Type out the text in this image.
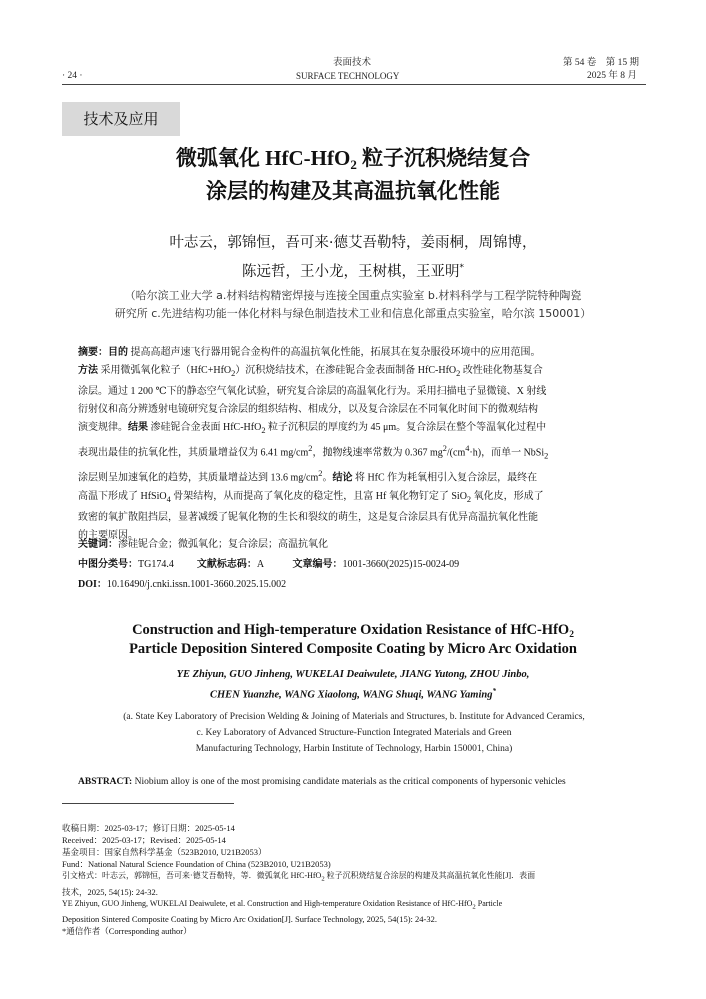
表面技术
· 24 ·	SURFACE TECHNOLOGY
第 54 卷　第 15 期
2025 年 8 月
技术及应用
微弧氧化 HfC-HfO$_2$ 粒子沉积烧结复合
涂层的构建及其高温抗氧化性能
叶志云，郭锦恒，吾可来·德艾吾勒特，姜雨桐，周锦博，
陈远哲，王小龙，王树棋，王亚明*
（哈尔滨工业大学 a.材料结构精密焊接与连接全国重点实验室 b.材料科学与工程学院特种陶瓷
研究所 c.先进结构功能一体化材料与绿色制造技术工业和信息化部重点实验室，哈尔滨 150001）
摘要：目的 提高高超声速飞行器用铌合金构件的高温抗氧化性能，拓展其在复杂服役环境中的应用范围。
方法 采用微弧氧化粒子（HfC+HfO$_2$）沉积烧结技术，在渗硅铌合金表面制备 HfC-HfO$_2$ 改性硅化物基复合
涂层。通过 1 200 ℃下的静态空气氧化试验，研究复合涂层的高温氧化行为。采用扫描电子显微镜、X 射线
衍射仪和高分辨透射电镜研究复合涂层的组织结构、相成分，以及复合涂层在不同氧化时间下的微观结构
演变规律。结果 渗硅铌合金表面 HfC-HfO$_2$ 粒子沉积层的厚度约为 45 μm。复合涂层在整个等温氧化过程中
表现出最佳的抗氧化性，其质量增益仅为 6.41 $mg/cm^2$，抛物线速率常数为 0.367 $mg^2/(cm^4\cdot h)$，而单一 NbSi$_2$
涂层则呈加速氧化的趋势，其质量增益达到 13.6 $mg/cm^2$。结论 将 HfC 作为耗氧相引入复合涂层，最终在
高温下形成了 HfSiO$_4$ 骨架结构，从而提高了氧化皮的稳定性，且富 Hf 氧化物钉定了 SiO$_2$ 氧化皮，形成了
致密的氧扩散阻挡层，显著减缓了铌氧化物的生长和裂纹的萌生，这是复合涂层具有优异高温抗氧化性能
的主要原因。
关键词：渗硅铌合金；微弧氧化；复合涂层；高温抗氧化
中图分类号：TG174.4 文献标志码：A	文章编号：1001-3660(2025)15-0024-09
DOI：10.16490/j.cnki.issn.1001-3660.2025.15.002
Construction and High-temperature Oxidation Resistance of HfC-HfO$_2$
Particle Deposition Sintered Composite Coating by Micro Arc Oxidation
YE Zhiyun, GUO Jinheng, WUKELAI Deaiwulete, JIANG Yutong, ZHOU Jinbo,
CHEN Yuanzhe, WANG Xiaolong, WANG Shuqi, WANG Yaming*
(a. State Key Laboratory of Precision Welding & Joining of Materials and Structures, b. Institute for Advanced Ceramics,
c. Key Laboratory of Advanced Structure-Function Integrated Materials and Green
Manufacturing Technology, Harbin Institute of Technology, Harbin 150001, China)
ABSTRACT: Niobium alloy is one of the most promising candidate materials as the critical components of hypersonic vehicles
收稿日期：2025-03-17；修订日期：2025-05-14
Received：2025-03-17；Revised：2025-05-14
基金项目：国家自然科学基金（523B2010, U21B2053）
Fund：National Natural Science Foundation of China (523B2010, U21B2053)
引文格式：叶志云，郭锦恒，吾可来·德艾吾勒特，等．微弧氧化 HfC-HfO$_2$ 粒子沉积烧结复合涂层的构建及其高温抗氧化性能[J]．表面
技术，2025, 54(15): 24-32.
YE Zhiyun, GUO Jinheng, WUKELAI Deaiwulete, et al. Construction and High-temperature Oxidation Resistance of HfC-HfO$_2$ Particle
Deposition Sintered Composite Coating by Micro Arc Oxidation[J]. Surface Technology, 2025, 54(15): 24-32.
*通信作者（Corresponding author）
